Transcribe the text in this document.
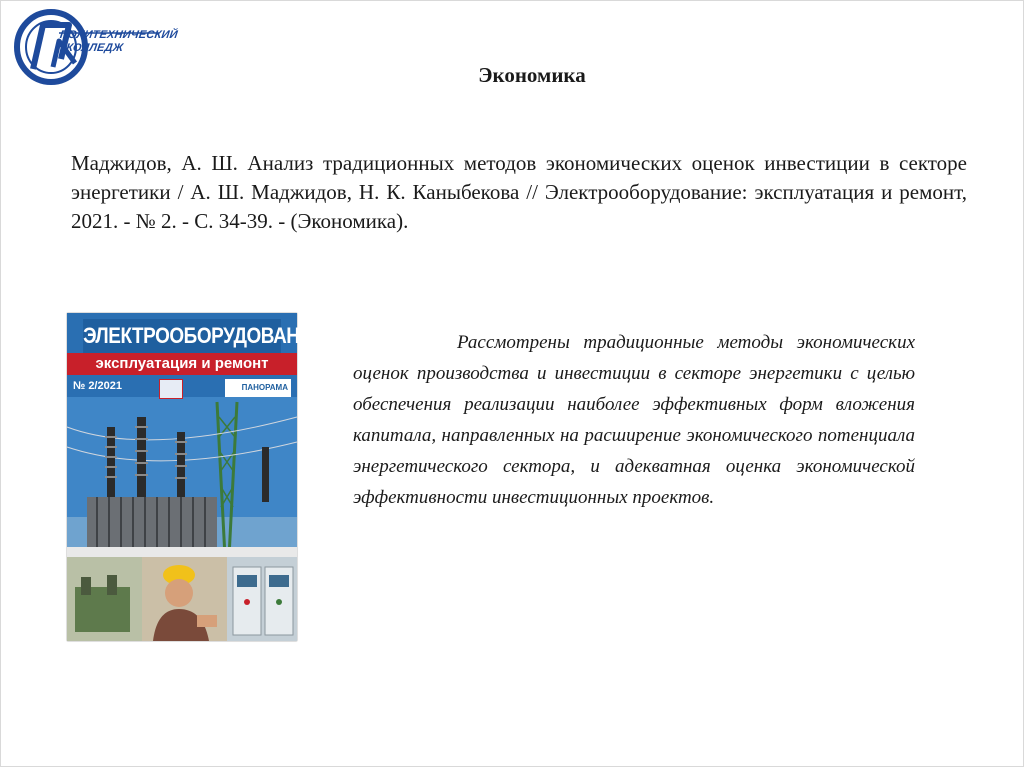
ПОЛИТЕХНИЧЕСКИЙ
КОЛЛЕДЖ
Экономика
Маджидов, А. Ш. Анализ традиционных методов экономических оценок инвестиции в секторе энергетики / А. Ш. Маджидов, Н. К. Каныбекова // Электрооборудование: эксплуатация и ремонт, 2021. - № 2. - С. 34-39. - (Экономика).
ЭЛЕКТРООБОРУДОВАНИЕ
эксплуатация и ремонт
№ 2/2021	ПАНОРАМА
Рассмотрены традиционные методы экономических оценок производства и инвестиции в секторе энергетики с целью обеспечения реализации наиболее эффективных форм вложения капитала, направленных на расширение экономического потенциала энергетического сектора, и адекватная оценка экономической эффективности инвестиционных проектов.
